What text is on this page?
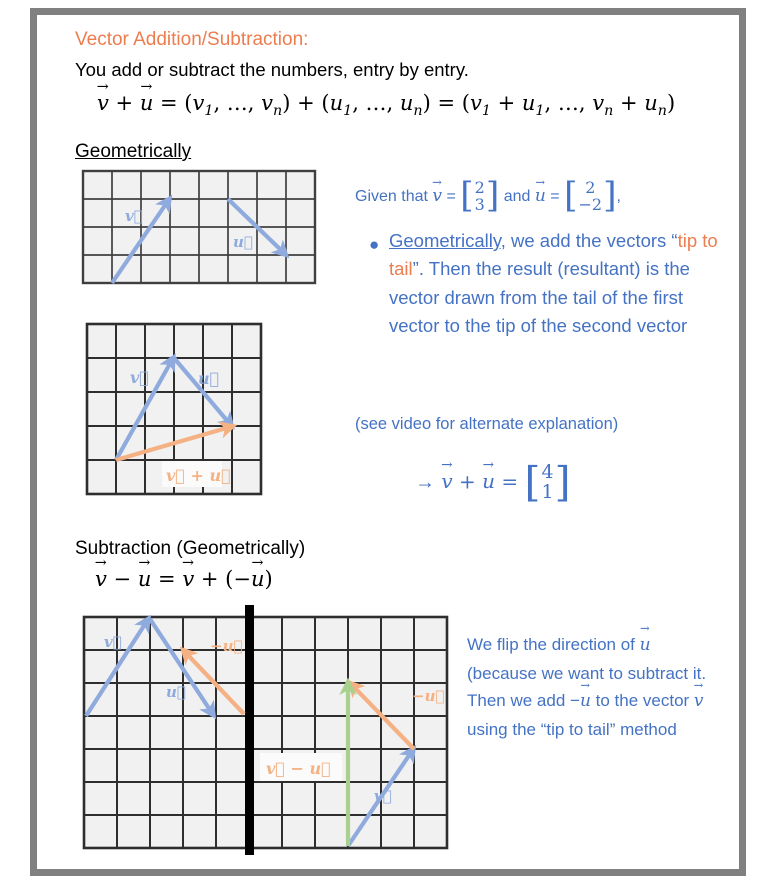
Vector Addition/Subtraction:
You add or subtract the numbers, entry by entry.
v → + u → = ($v_1$, …, $v_n) + (u_1$, …, $u_n) = (v_1 + u_1$, …, $v_n + u_n$)
Geometrically
v⃗
u⃗
Given that v → = [ 2
3 ] and u → = [ 2
−2 ] ,
● Geometrically, we add the vectors “tip to tail”. Then the result (resultant) is the vector drawn from the tail of the first vector to the tip of the second vector
v⃗	u⃗
v⃗ + u⃗
(see video for alternate explanation)
→ v → + u → = [ 4
1 ]
Subtraction (Geometrically)
v → − u → = v → + (−u →)
v⃗
u⃗
−u⃗
v⃗
−u⃗
v⃗ − u⃗
We flip the direction of u → (because we want to subtract it. Then we add −u → to the vector v → using the “tip to tail” method
